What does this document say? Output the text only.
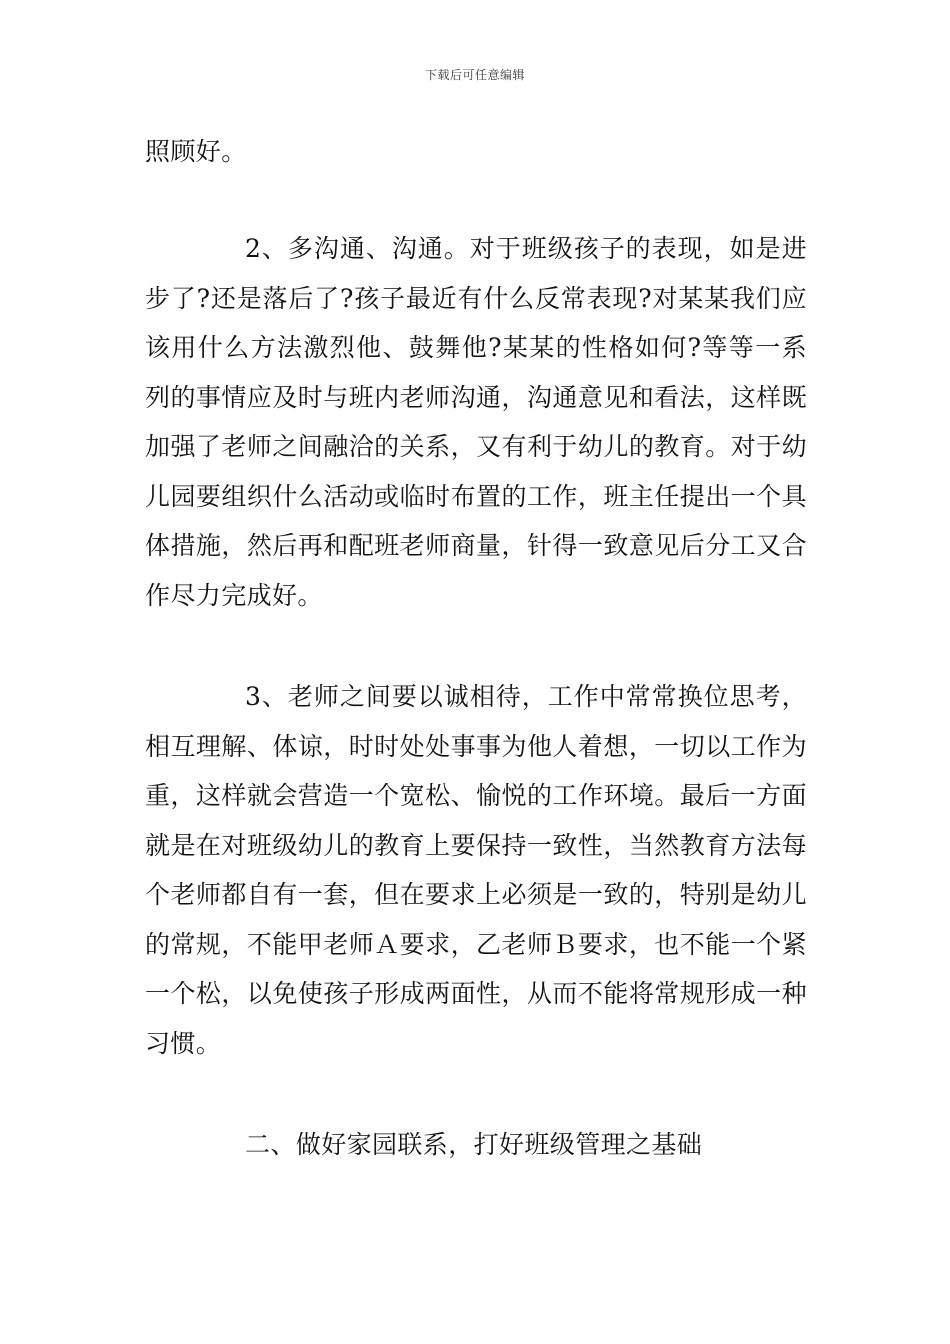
下载后可任意编辑

照顾好。

2、多沟通、沟通。对于班级孩子的表现，如是进步了?还是落后了?孩子最近有什么反常表现?对某某我们应该用什么方法激烈他、鼓舞他?某某的性格如何?等等一系列的事情应及时与班内老师沟通，沟通意见和看法，这样既加强了老师之间融洽的关系，又有利于幼儿的教育。对于幼儿园要组织什么活动或临时布置的工作，班主任提出一个具体措施，然后再和配班老师商量，针得一致意见后分工又合作尽力完成好。

3、老师之间要以诚相待，工作中常常换位思考，相互理解、体谅，时时处处事事为他人着想，一切以工作为重，这样就会营造一个宽松、愉悦的工作环境。最后一方面就是在对班级幼儿的教育上要保持一致性，当然教育方法每个老师都自有一套，但在要求上必须是一致的，特别是幼儿的常规，不能甲老师Ａ要求，乙老师Ｂ要求，也不能一个紧一个松，以免使孩子形成两面性，从而不能将常规形成一种习惯。

二、做好家园联系，打好班级管理之基础
